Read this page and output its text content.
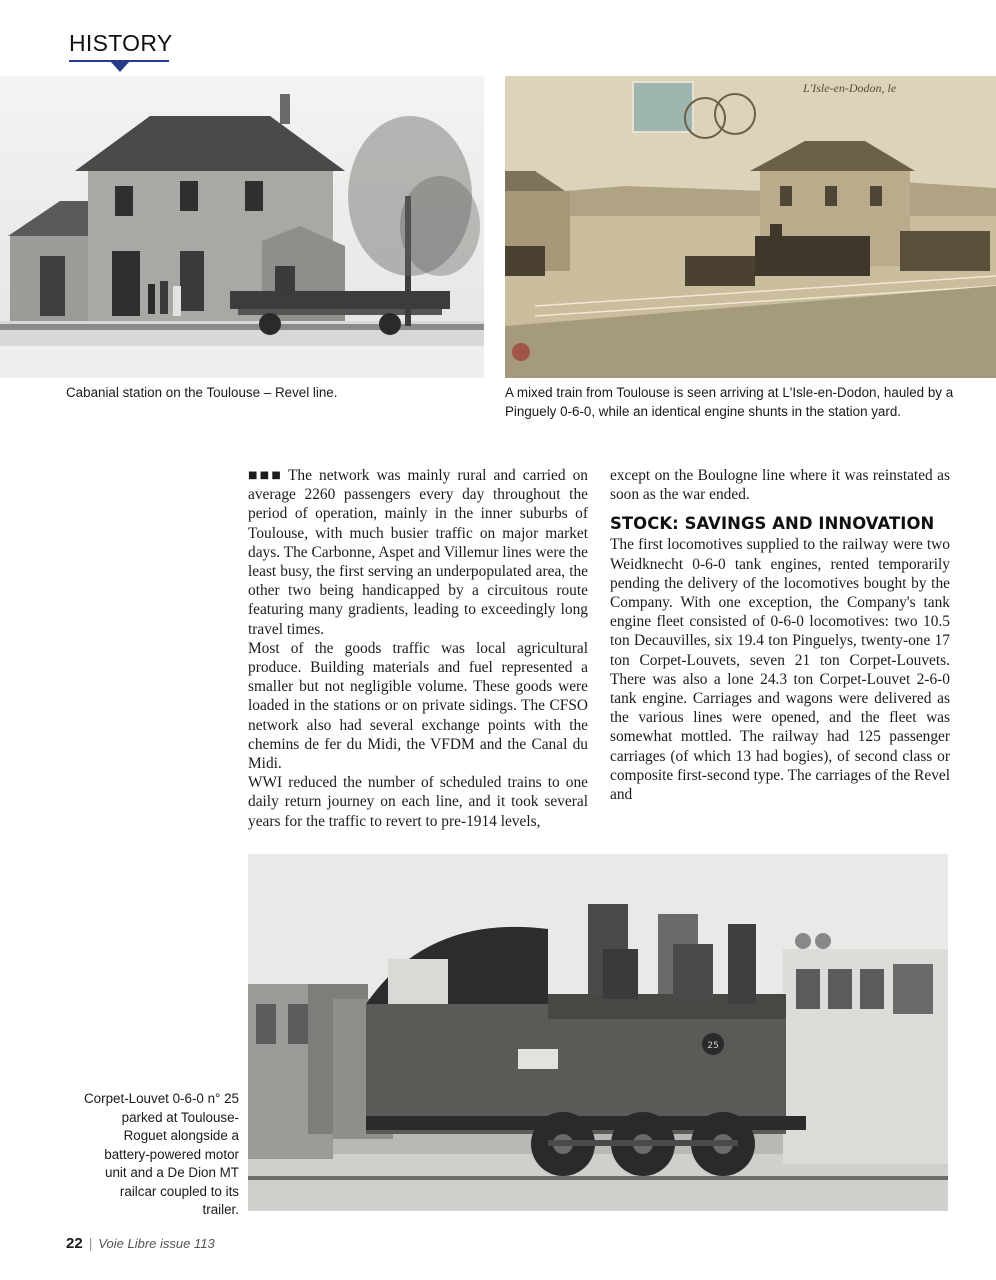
HISTORY
L'Isle-en-Dodon, le
Cabanial station on the Toulouse – Revel line.	A mixed train from Toulouse is seen arriving at L'Isle-en-Dodon, hauled by a Pinguely 0-6-0, while an identical engine shunts in the station yard.

■■■ The network was mainly rural and carried on average 2260 passengers every day throughout the period of operation, mainly in the inner suburbs of Toulouse, with much busier traffic on major market days. The Carbonne, Aspet and Villemur lines were the least busy, the first serving an underpopulated area, the other two being handicapped by a circuitous route featuring many gradients, leading to exceedingly long travel times.

Most of the goods traffic was local agricultural produce. Building materials and fuel represented a smaller but not negligible volume. These goods were loaded in the stations or on private sidings. The CFSO network also had several exchange points with the chemins de fer du Midi, the VFDM and the Canal du Midi.

WWI reduced the number of scheduled trains to one daily return journey on each line, and it took several years for the traffic to revert to pre-1914 levels,

except on the Boulogne line where it was reinstated as soon as the war ended.

STOCK: SAVINGS AND INNOVATION

The first locomotives supplied to the railway were two Weidknecht 0-6-0 tank engines, rented temporarily pending the delivery of the locomotives bought by the Company. With one exception, the Company's tank engine fleet consisted of 0-6-0 locomotives: two 10.5 ton Decauvilles, six 19.4 ton Pinguelys, twenty-one 17 ton Corpet-Louvets, seven 21 ton Corpet-Louvets. There was also a lone 24.3 ton Corpet-Louvet 2-6-0 tank engine. Carriages and wagons were delivered as the various lines were opened, and the fleet was somewhat mottled. The railway had 125 passenger carriages (of which 13 had bogies), of second class or composite first-second type. The carriages of the Revel and

25
Corpet-Louvet 0-6-0 n° 25 parked at Toulouse-Roguet alongside a battery-powered motor unit and a De Dion MT railcar coupled to its trailer.
22 | Voie Libre issue 113
